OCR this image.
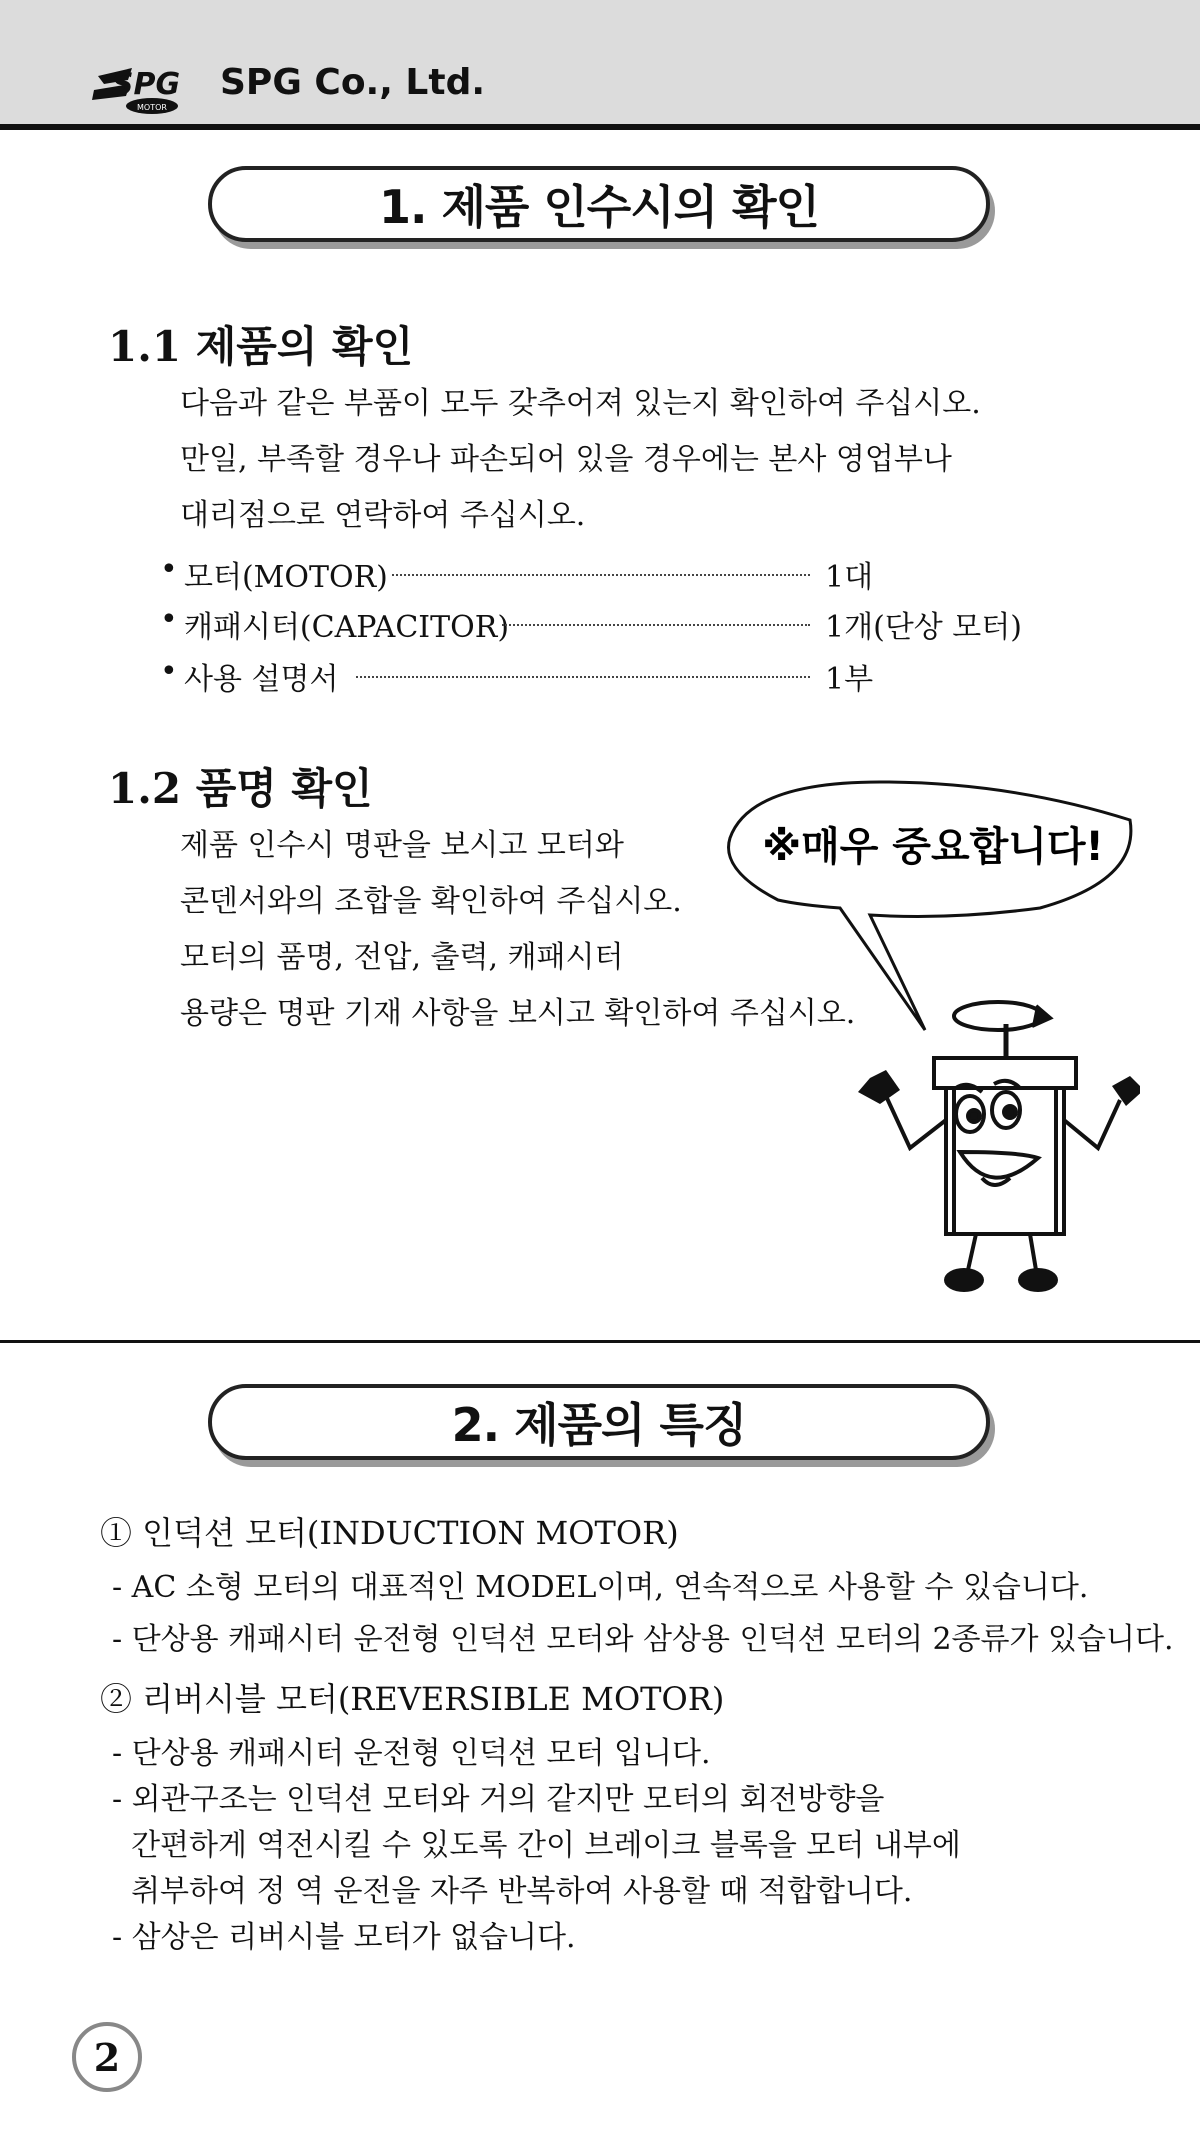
SPG
MOTOR
SPG Co., Ltd.
1. 제품 인수시의 확인
1.1 제품의 확인
다음과 같은 부품이 모두 갖추어져 있는지 확인하여 주십시오.
만일, 부족할 경우나 파손되어 있을 경우에는 본사 영업부나
대리점으로 연락하여 주십시오.
• 모터(MOTOR)	1대
• 캐패시터(CAPACITOR)	1개(단상 모터)
• 사용 설명서	1부
1.2 품명 확인
제품 인수시 명판을 보시고 모터와
콘덴서와의 조합을 확인하여 주십시오.
모터의 품명, 전압, 출력, 캐패시터
용량은 명판 기재 사항을 보시고 확인하여 주십시오.
※매우 중요합니다!
2. 제품의 특징
① 인덕션 모터(INDUCTION MOTOR)
- AC 소형 모터의 대표적인 MODEL이며, 연속적으로 사용할 수 있습니다.
- 단상용 캐패시터 운전형 인덕션 모터와 삼상용 인덕션 모터의 2종류가 있습니다.
② 리버시블 모터(REVERSIBLE MOTOR)
- 단상용 캐패시터 운전형 인덕션 모터 입니다.
- 외관구조는 인덕션 모터와 거의 같지만 모터의 회전방향을
간편하게 역전시킬 수 있도록 간이 브레이크 블록을 모터 내부에
취부하여 정 역 운전을 자주 반복하여 사용할 때 적합합니다.
- 삼상은 리버시블 모터가 없습니다.
2
